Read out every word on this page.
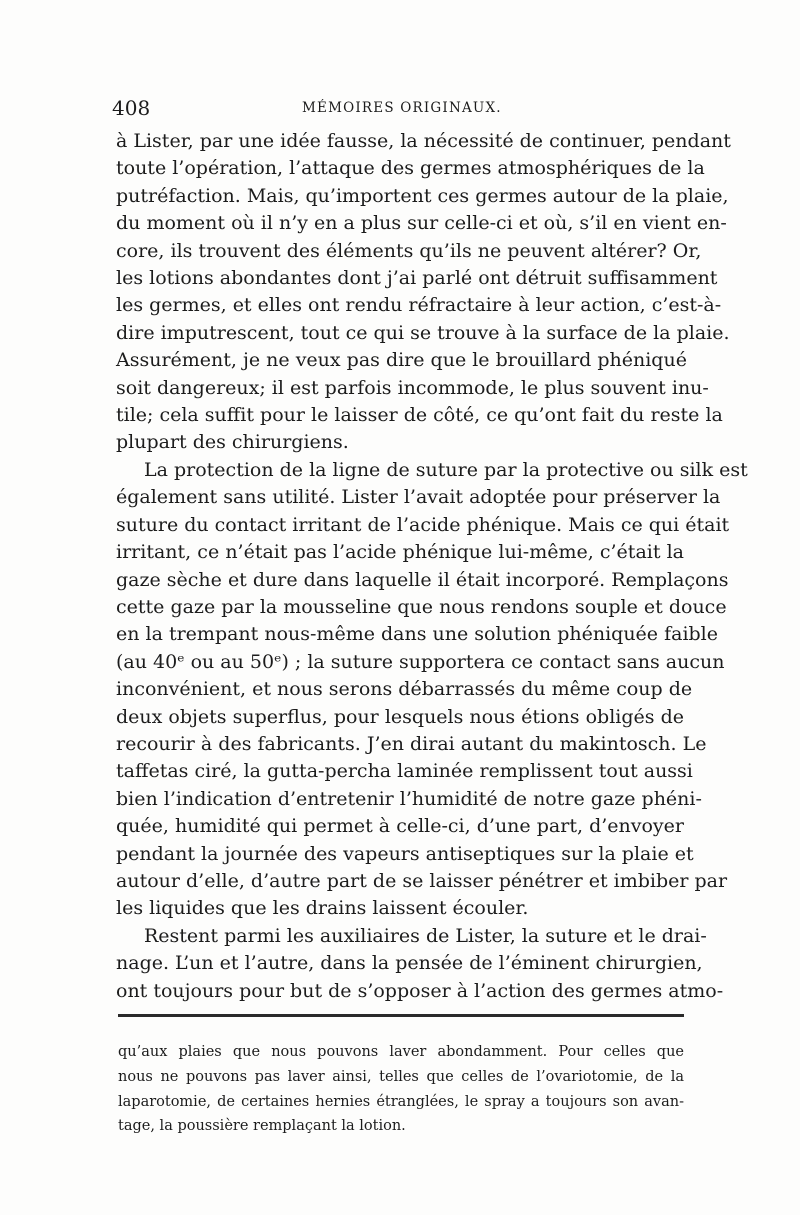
408	MÉMOIRES ORIGINAUX.

à Lister, par une idée fausse, la nécessité de continuer, pendant
toute l’opération, l’attaque des germes atmosphériques de la
putréfaction. Mais, qu’importent ces germes autour de la plaie,
du moment où il n’y en a plus sur celle-ci et où, s’il en vient en-
core, ils trouvent des éléments qu’ils ne peuvent altérer? Or,
les lotions abondantes dont j’ai parlé ont détruit suffisamment
les germes, et elles ont rendu réfractaire à leur action, c’est-à-
dire imputrescent, tout ce qui se trouve à la surface de la plaie.
Assurément, je ne veux pas dire que le brouillard phéniqué
soit dangereux; il est parfois incommode, le plus souvent inu-
tile; cela suffit pour le laisser de côté, ce qu’ont fait du reste la
plupart des chirurgiens.

La protection de la ligne de suture par la protective ou silk est
également sans utilité. Lister l’avait adoptée pour préserver la
suture du contact irritant de l’acide phénique. Mais ce qui était
irritant, ce n’était pas l’acide phénique lui-même, c’était la
gaze sèche et dure dans laquelle il était incorporé. Remplaçons
cette gaze par la mousseline que nous rendons souple et douce
en la trempant nous-même dans une solution phéniquée faible
(au 40ᵉ ou au 50ᵉ) ; la suture supportera ce contact sans aucun
inconvénient, et nous serons débarrassés du même coup de
deux objets superflus, pour lesquels nous étions obligés de
recourir à des fabricants. J’en dirai autant du makintosch. Le
taffetas ciré, la gutta-percha laminée remplissent tout aussi
bien l’indication d’entretenir l’humidité de notre gaze phéni-
quée, humidité qui permet à celle-ci, d’une part, d’envoyer
pendant la journée des vapeurs antiseptiques sur la plaie et
autour d’elle, d’autre part de se laisser pénétrer et imbiber par
les liquides que les drains laissent écouler.

Restent parmi les auxiliaires de Lister, la suture et le drai-
nage. L’un et l’autre, dans la pensée de l’éminent chirurgien,
ont toujours pour but de s’opposer à l’action des germes atmo-

qu’aux plaies que nous pouvons laver abondamment. Pour celles que
nous ne pouvons pas laver ainsi, telles que celles de l’ovariotomie, de la
laparotomie, de certaines hernies étranglées, le spray a toujours son avan-
tage, la poussière remplaçant la lotion.
